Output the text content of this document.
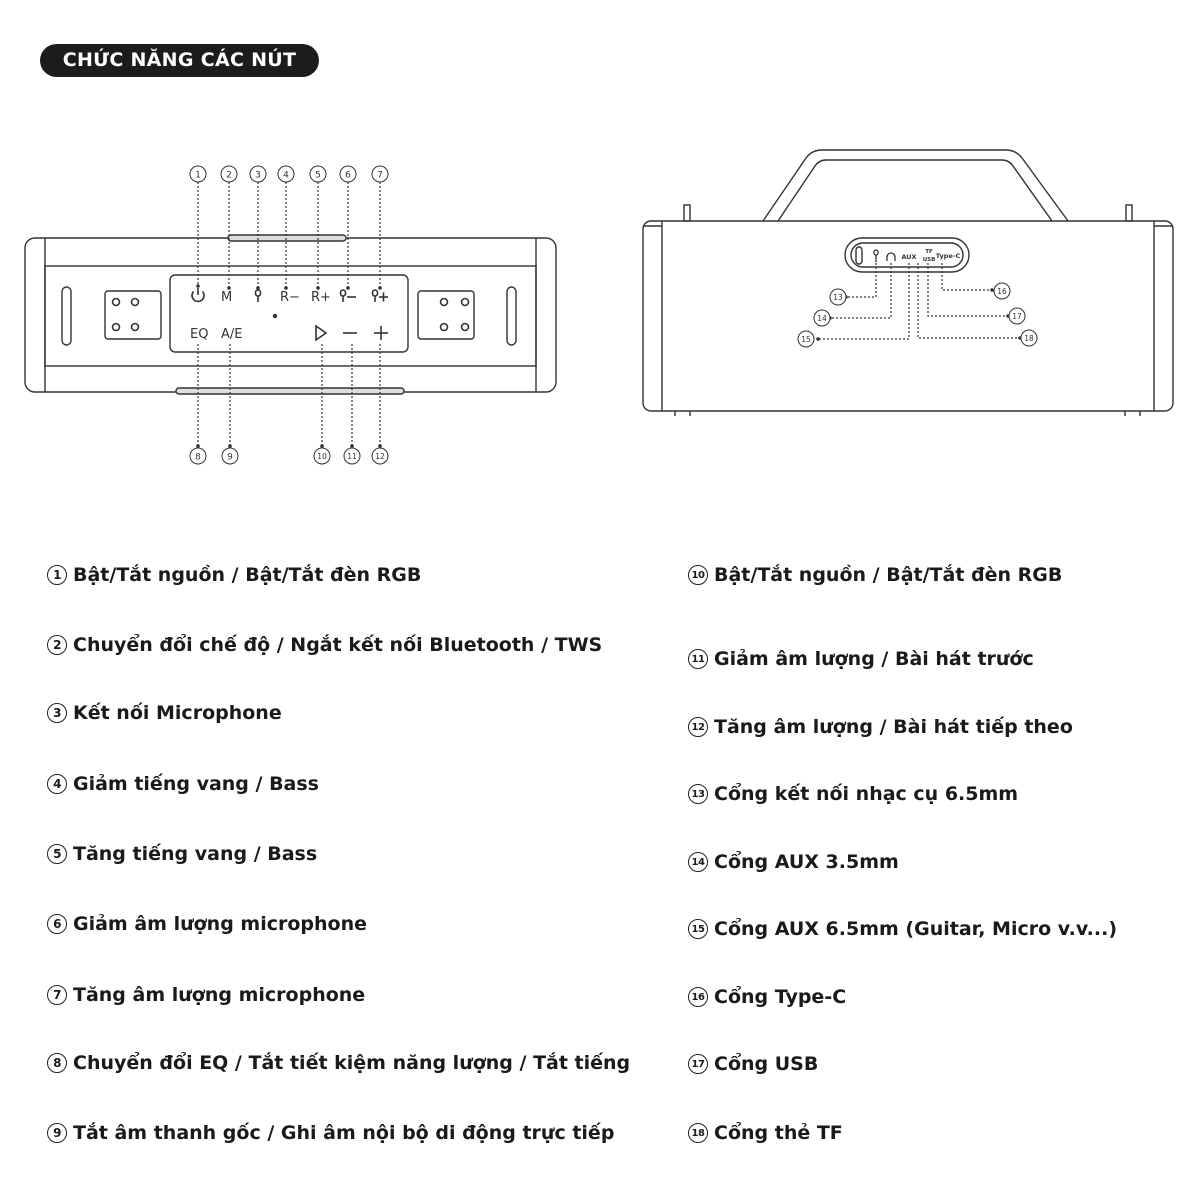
CHỨC NĂNG CÁC NÚT
M	R− R+
EQ A/E
1	2	3 4	5	6	7
8	9	10	11 12
AUX
TF
USB Type-C
13
14
15
16
17
18
1 Bật/Tắt nguồn / Bật/Tắt đèn RGB
2 Chuyển đổi chế độ / Ngắt kết nối Bluetooth / TWS
3 Kết nối Microphone
4 Giảm tiếng vang / Bass
5 Tăng tiếng vang / Bass
6 Giảm âm lượng microphone
7 Tăng âm lượng microphone
8 Chuyển đổi EQ / Tắt tiết kiệm năng lượng / Tắt tiếng
9 Tắt âm thanh gốc / Ghi âm nội bộ di động trực tiếp
10 Bật/Tắt nguồn / Bật/Tắt đèn RGB
11 Giảm âm lượng / Bài hát trước
12 Tăng âm lượng / Bài hát tiếp theo
13 Cổng kết nối nhạc cụ 6.5mm
14 Cổng AUX 3.5mm
15 Cổng AUX 6.5mm (Guitar, Micro v.v...)
16 Cổng Type-C
17 Cổng USB
18 Cổng thẻ TF
